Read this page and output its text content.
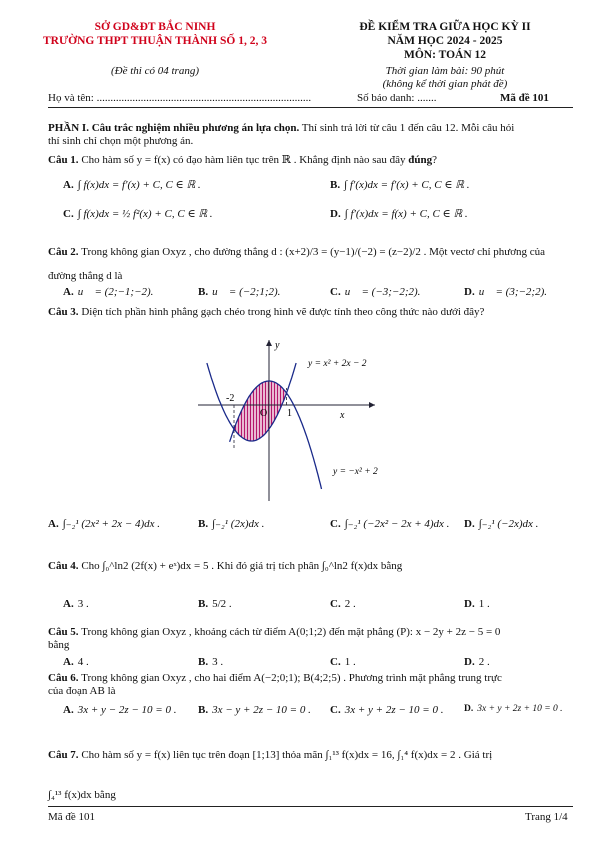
SỞ GD&ĐT BẮC NINH
TRƯỜNG THPT THUẬN THÀNH SỐ 1, 2, 3
(Đề thi có 04 trang)
ĐỀ KIỂM TRA GIỮA HỌC KỲ II
NĂM HỌC 2024 - 2025
MÔN: TOÁN 12
Thời gian làm bài: 90 phút
(không kể thời gian phát đề)
Họ và tên: ..............................................................................	Số báo danh: .......	Mã đề 101
PHẦN I. Câu trắc nghiệm nhiều phương án lựa chọn. Thí sinh trả lời từ câu 1 đến câu 12. Mỗi câu hỏi
thí sinh chỉ chọn một phương án.
Câu 1. Cho hàm số y = f(x) có đạo hàm liên tục trên ℝ . Khẳng định nào sau đây đúng?
A. ∫ f(x)dx = f′(x) + C, C ∈ ℝ .	B. ∫ f′(x)dx = f′(x) + C, C ∈ ℝ .
C. ∫ f(x)dx = ½ f²(x) + C, C ∈ ℝ .	D. ∫ f′(x)dx = f(x) + C, C ∈ ℝ .
Câu 2. Trong không gian Oxyz , cho đường thẳng d : (x+2)/3 = (y−1)/(−2) = (z−2)/2 . Một vectơ chỉ phương của
đường thẳng d là
A. u⃗ = (2;−1;−2).	B. u⃗ = (−2;1;2).	C. u⃗ = (−3;−2;2).	D. u⃗ = (3;−2;2).
Câu 3. Diện tích phần hình phẳng gạch chéo trong hình vẽ được tính theo công thức nào dưới đây?
y
x
O
-2
1
y = x² + 2x − 2
y = −x² + 2
A. ∫₋₂¹ (2x² + 2x − 4)dx .	B. ∫₋₂¹ (2x)dx .	C. ∫₋₂¹ (−2x² − 2x + 4)dx . D. ∫₋₂¹ (−2x)dx .
Câu 4. Cho ∫₀^ln2 (2f(x) + eˣ)dx = 5 . Khi đó giá trị tích phân ∫₀^ln2 f(x)dx bằng
A. 3 .	B. 5/2 .	C. 2 .	D. 1 .
Câu 5. Trong không gian Oxyz , khoảng cách từ điểm A(0;1;2) đến mặt phẳng (P): x − 2y + 2z − 5 = 0
bằng
A. 4 .	B. 3 .	C. 1 .	D. 2 .
Câu 6. Trong không gian Oxyz , cho hai điểm A(−2;0;1); B(4;2;5) . Phương trình mặt phẳng trung trực
của đoạn AB là
A. 3x + y − 2z − 10 = 0 . B. 3x − y + 2z − 10 = 0 . C. 3x + y + 2z − 10 = 0 . D. 3x + y + 2z + 10 = 0 .
Câu 7. Cho hàm số y = f(x) liên tục trên đoạn [1;13] thỏa mãn ∫₁¹³ f(x)dx = 16, ∫₁⁴ f(x)dx = 2 . Giá trị
∫₄¹³ f(x)dx bằng
Mã đề 101	Trang 1/4
